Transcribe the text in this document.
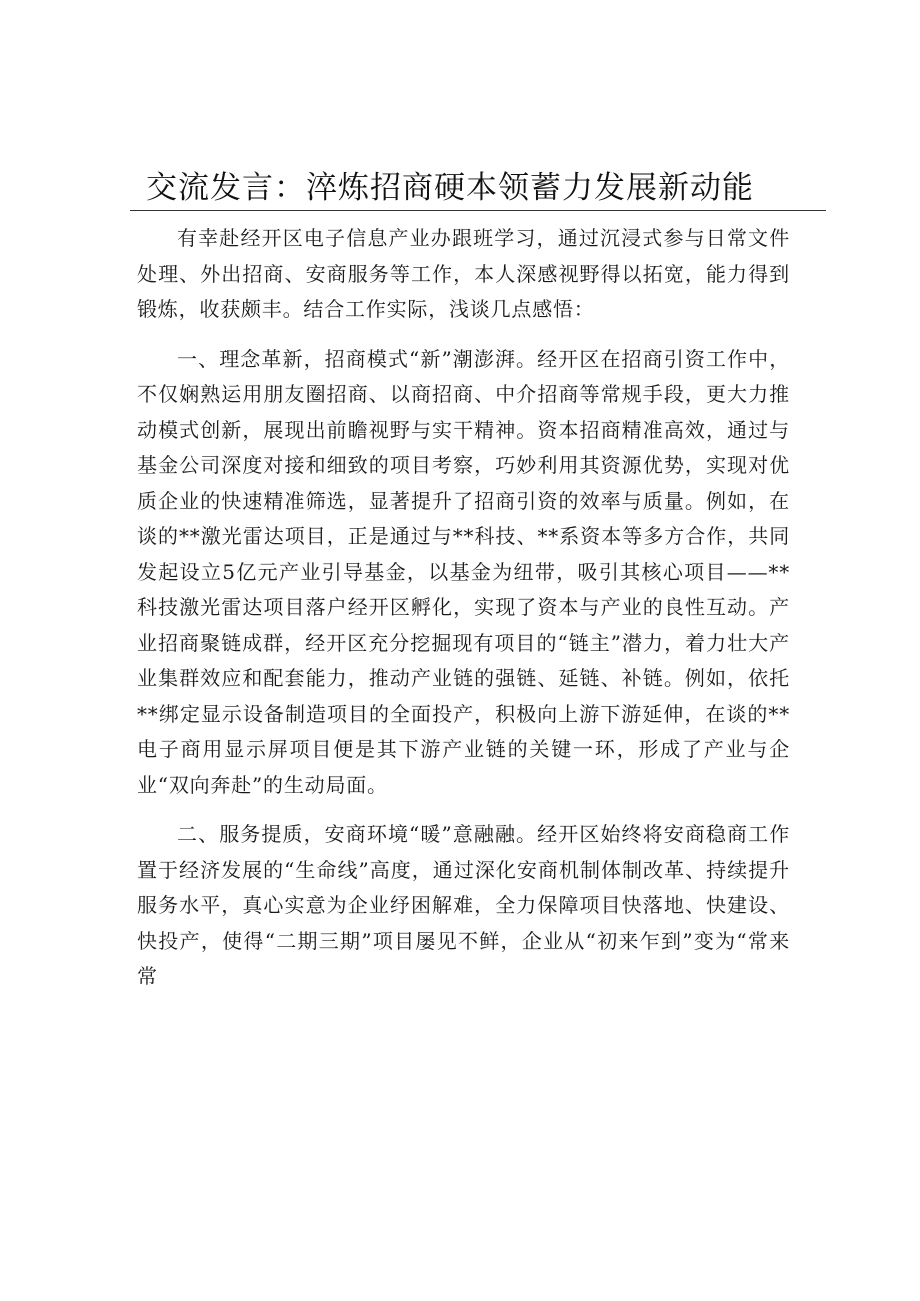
交流发言：淬炼招商硬本领蓄力发展新动能

有幸赴经开区电子信息产业办跟班学习，通过沉浸式参与日常文件处理、外出招商、安商服务等工作，本人深感视野得以拓宽，能力得到锻炼，收获颇丰。结合工作实际，浅谈几点感悟：

一、理念革新，招商模式“新”潮澎湃。经开区在招商引资工作中，不仅娴熟运用朋友圈招商、以商招商、中介招商等常规手段，更大力推动模式创新，展现出前瞻视野与实干精神。资本招商精准高效，通过与基金公司深度对接和细致的项目考察，巧妙利用其资源优势，实现对优质企业的快速精准筛选，显著提升了招商引资的效率与质量。例如，在谈的**激光雷达项目，正是通过与**科技、**系资本等多方合作，共同发起设立5亿元产业引导基金，以基金为纽带，吸引其核心项目——**科技激光雷达项目落户经开区孵化，实现了资本与产业的良性互动。产业招商聚链成群，经开区充分挖掘现有项目的“链主”潜力，着力壮大产业集群效应和配套能力，推动产业链的强链、延链、补链。例如，依托**绑定显示设备制造项目的全面投产，积极向上游下游延伸，在谈的**电子商用显示屏项目便是其下游产业链的关键一环，形成了产业与企业“双向奔赴”的生动局面。

二、服务提质，安商环境“暖”意融融。经开区始终将安商稳商工作置于经济发展的“生命线”高度，通过深化安商机制体制改革、持续提升服务水平，真心实意为企业纾困解难，全力保障项目快落地、快建设、快投产，使得“二期三期”项目屡见不鲜，企业从“初来乍到”变为“常来常
